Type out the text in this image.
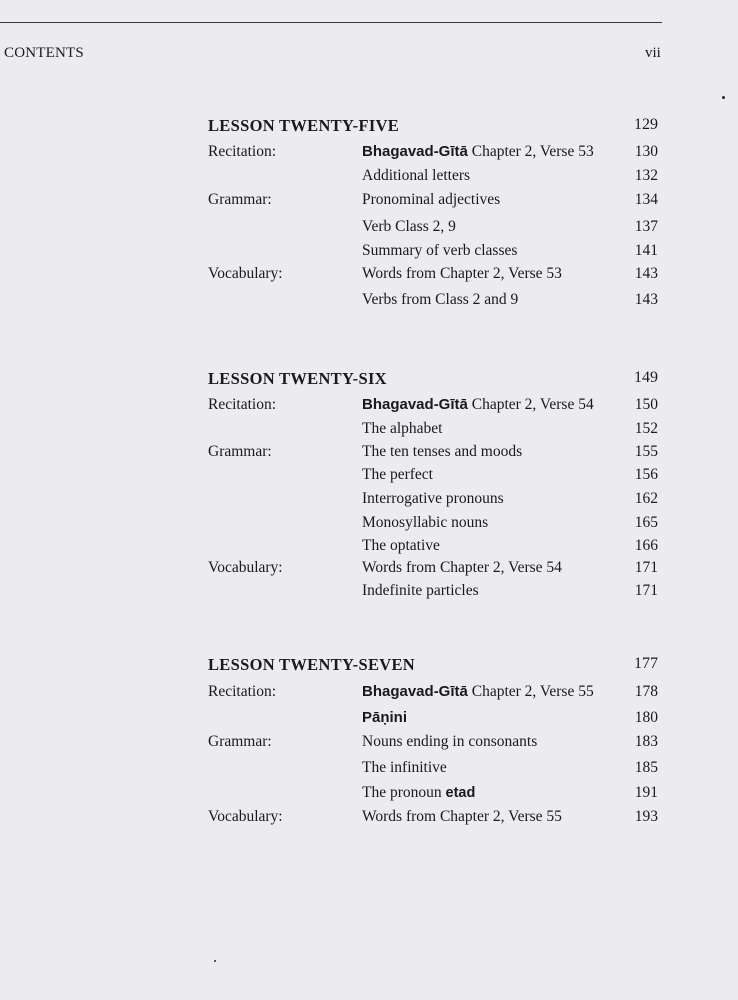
CONTENTS	vii
LESSON TWENTY-FIVE	129
Recitation:	Bhagavad-Gītā Chapter 2, Verse 53	130
Additional letters	132
Grammar:	Pronominal adjectives	134
Verb Class 2, 9	137
Summary of verb classes	141
Vocabulary:	Words from Chapter 2, Verse 53	143
Verbs from Class 2 and 9	143
LESSON TWENTY-SIX	149
Recitation:	Bhagavad-Gītā Chapter 2, Verse 54	150
The alphabet	152
Grammar:	The ten tenses and moods	155
The perfect	156
Interrogative pronouns	162
Monosyllabic nouns	165
The optative	166
Vocabulary:	Words from Chapter 2, Verse 54	171
Indefinite particles	171
LESSON TWENTY-SEVEN	177
Recitation:	Bhagavad-Gītā Chapter 2, Verse 55	178
Pāṇini	180
Grammar:	Nouns ending in consonants	183
The infinitive	185
The pronoun etad	191
Vocabulary:	Words from Chapter 2, Verse 55	193
